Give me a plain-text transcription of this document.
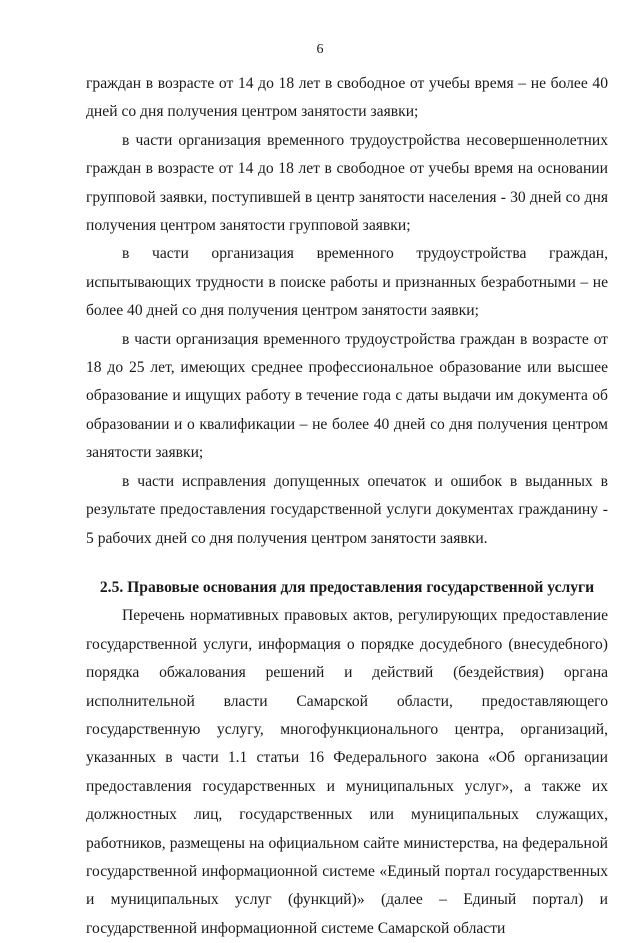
6

граждан в возрасте от 14 до 18 лет в свободное от учебы время – не более 40 дней со дня получения центром занятости заявки;

в части организация временного трудоустройства несовершеннолетних граждан в возрасте от 14 до 18 лет в свободное от учебы время на основании групповой заявки, поступившей в центр занятости населения - 30 дней со дня получения центром занятости групповой заявки;

в части организация временного трудоустройства граждан, испытывающих трудности в поиске работы и признанных безработными – не более 40 дней со дня получения центром занятости заявки;

в части организация временного трудоустройства граждан в возрасте от 18 до 25 лет, имеющих среднее профессиональное образование или высшее образование и ищущих работу в течение года с даты выдачи им документа об образовании и о квалификации – не более 40 дней со дня получения центром занятости заявки;

в части исправления допущенных опечаток и ошибок в выданных в результате предоставления государственной услуги документах гражданину - 5 рабочих дней со дня получения центром занятости заявки.

2.5. Правовые основания для предоставления государственной услуги

Перечень нормативных правовых актов, регулирующих предоставление государственной услуги, информация о порядке досудебного (внесудебного) порядка обжалования решений и действий (бездействия) органа исполнительной власти Самарской области, предоставляющего государственную услугу, многофункционального центра, организаций, указанных в части 1.1 статьи 16 Федерального закона «Об организации предоставления государственных и муниципальных услуг», а также их должностных лиц, государственных или муниципальных служащих, работников, размещены на официальном сайте министерства, на федеральной государственной информационной системе «Единый портал государственных и муниципальных услуг (функций)» (далее – Единый портал) и государственной информационной системе Самарской области
